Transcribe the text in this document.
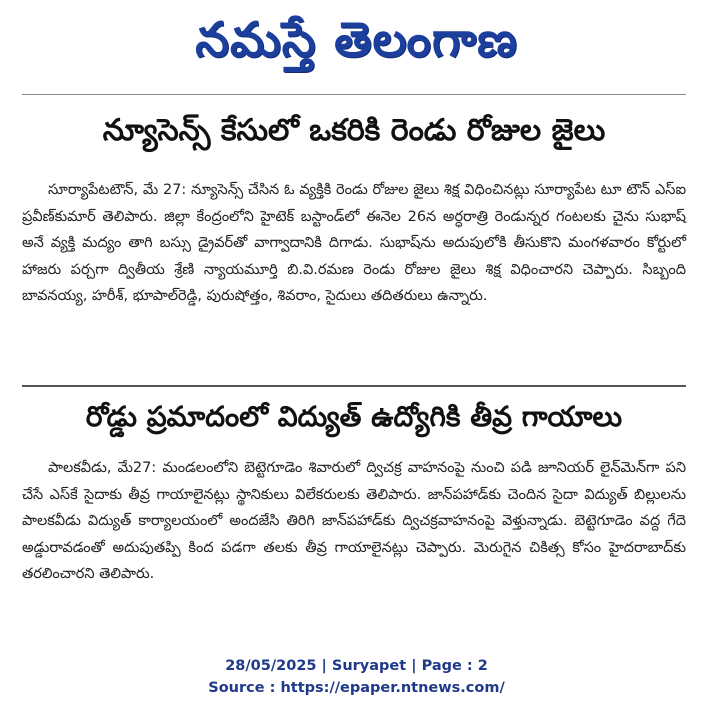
నమస్తే తెలంగాణ
న్యూసెన్స్ కేసులో ఒకరికి రెండు రోజుల జైలు
సూర్యాపేటటౌన్, మే 27: న్యూసెన్స్ చేసిన ఓ వ్యక్తికి రెండు రోజుల జైలు శిక్ష విధించినట్లు సూర్యాపేట టూ టౌన్ ఎస్ఐ ప్రవీణ్‌కుమార్ తెలిపారు. జిల్లా కేంద్రంలోని హైటెక్ బస్టాండ్‌లో ఈనెల 26న అర్ధరాత్రి రెండున్నర గంటలకు చైను సుభాష్ అనే వ్యక్తి మద్యం తాగి బస్సు డ్రైవర్‌తో వాగ్వాదానికి దిగాడు. సుభాష్‌ను అదుపులోకి తీసుకొని మంగళవారం కోర్టులో హాజరు పర్చగా ద్వితీయ శ్రేణి న్యాయమూర్తి బి.వి.రమణ రెండు రోజుల జైలు శిక్ష విధించారని చెప్పారు. సిబ్బంది బావనయ్య, హరీశ్, భూపాల్‌రెడ్డి, పురుషోత్తం, శివరాం, సైదులు తదితరులు ఉన్నారు.
రోడ్డు ప్రమాదంలో విద్యుత్ ఉద్యోగికి తీవ్ర గాయాలు
పాలకవీడు, మే27: మండలంలోని బెట్టెగూడెం శివారులో ద్విచక్ర వాహనంపై నుంచి పడి జూనియర్ లైన్‌మెన్‌గా పని చేసే ఎస్‌కే సైదాకు తీవ్ర గాయాలైనట్లు స్థానికులు విలేకరులకు తెలిపారు. జాన్‌పహాడ్‌కు చెందిన సైదా విద్యుత్ బిల్లులను పాలకవీడు విద్యుత్ కార్యాలయంలో అందజేసి తిరిగి జాన్‌పహాడ్‌కు ద్విచక్రవాహనంపై వెళ్తున్నాడు. బెట్టెగూడెం వద్ద గేదె అడ్డురావడంతో అదుపుతప్పి కింద పడగా తలకు తీవ్ర గాయాలైనట్లు చెప్పారు. మెరుగైన చికిత్స కోసం హైదరాబాద్‌కు తరలించారని తెలిపారు.
28/05/2025 | Suryapet | Page : 2
Source : https://epaper.ntnews.com/
